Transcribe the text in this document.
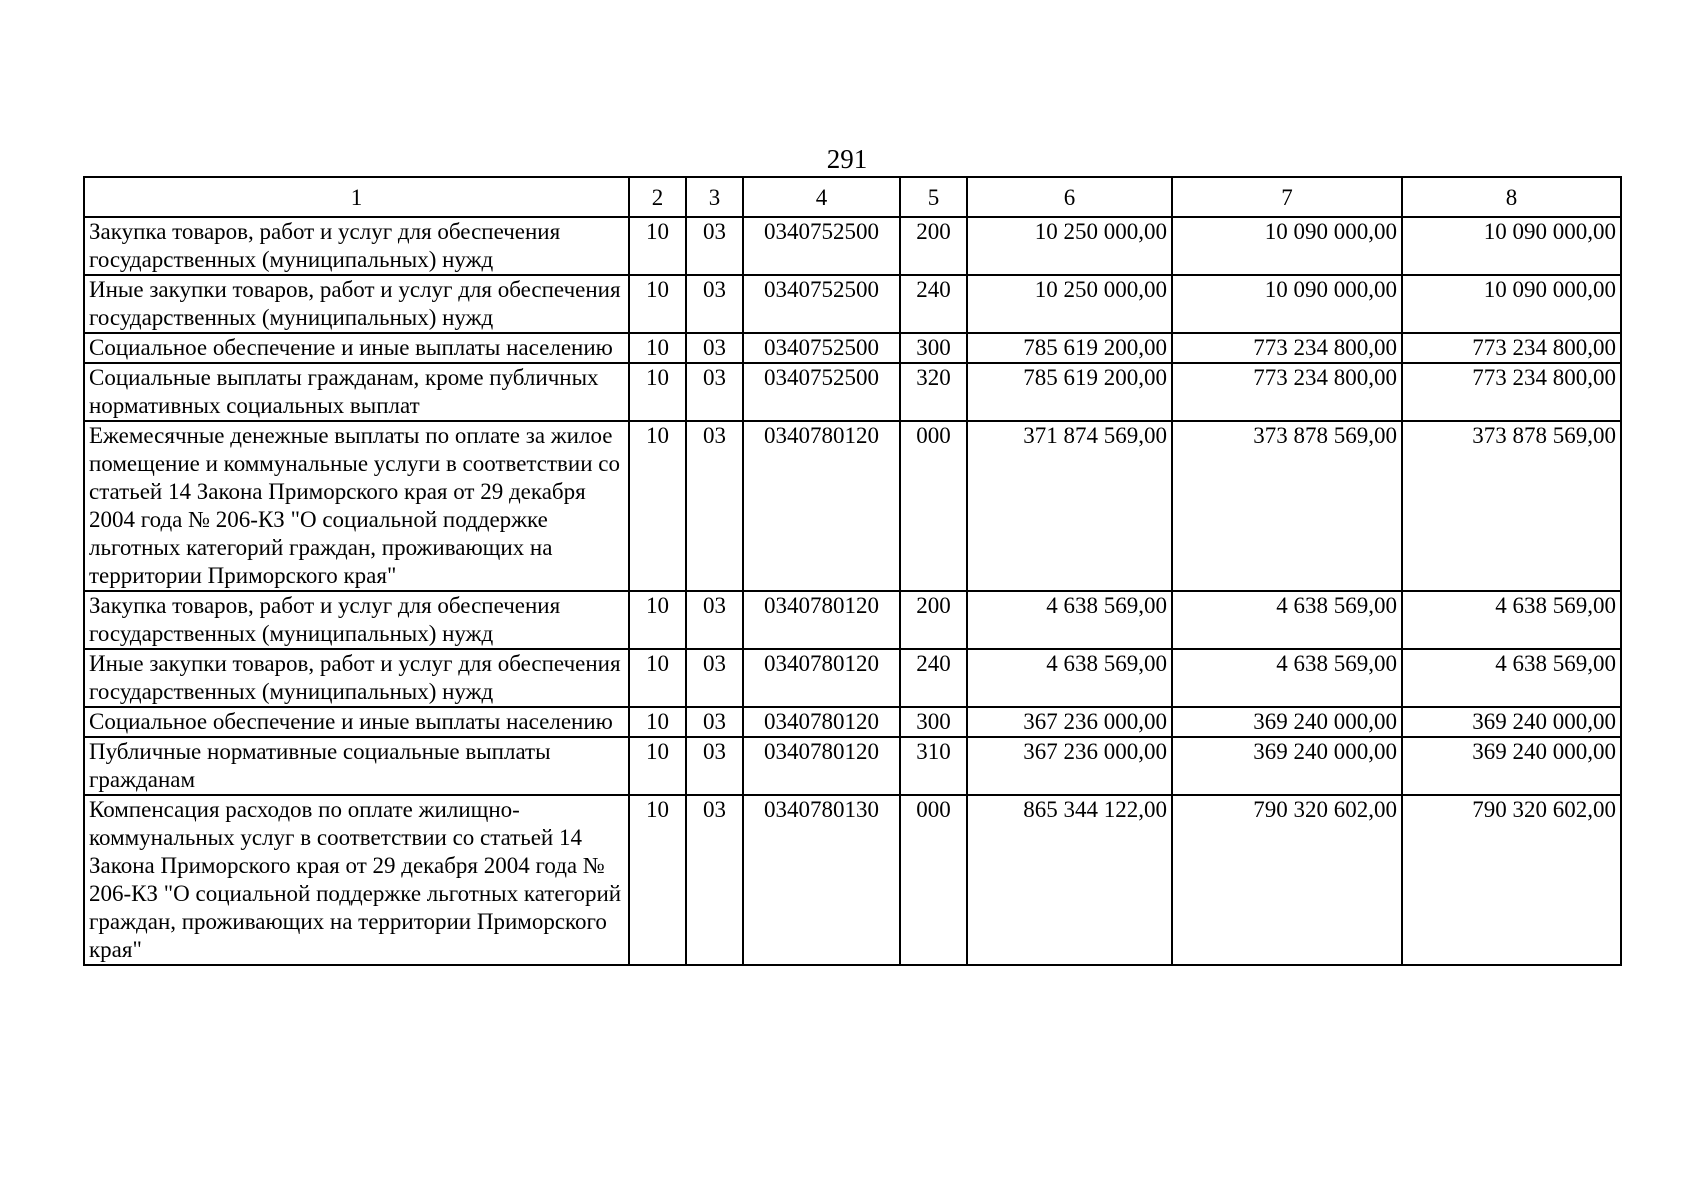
291
1	2	3	4	5	6	7	8
Закупка товаров, работ и услуг для обеспечения государственных (муниципальных) нужд	10	03	0340752500	200	10 250 000,00	10 090 000,00	10 090 000,00
Иные закупки товаров, работ и услуг для обеспечения государственных (муниципальных) нужд	10	03	0340752500	240	10 250 000,00	10 090 000,00	10 090 000,00
Социальное обеспечение и иные выплаты населению	10	03	0340752500	300	785 619 200,00	773 234 800,00	773 234 800,00
Социальные выплаты гражданам, кроме публичных нормативных социальных выплат	10	03	0340752500	320	785 619 200,00	773 234 800,00	773 234 800,00
Ежемесячные денежные выплаты по оплате за жилое помещение и коммунальные услуги в соответствии со статьей 14 Закона Приморского края от 29 декабря 2004 года № 206-КЗ "О социальной поддержке льготных категорий граждан, проживающих на территории Приморского края"	10	03	0340780120	000	371 874 569,00	373 878 569,00	373 878 569,00
Закупка товаров, работ и услуг для обеспечения государственных (муниципальных) нужд	10	03	0340780120	200	4 638 569,00	4 638 569,00	4 638 569,00
Иные закупки товаров, работ и услуг для обеспечения государственных (муниципальных) нужд	10	03	0340780120	240	4 638 569,00	4 638 569,00	4 638 569,00
Социальное обеспечение и иные выплаты населению	10	03	0340780120	300	367 236 000,00	369 240 000,00	369 240 000,00
Публичные нормативные социальные выплаты гражданам	10	03	0340780120	310	367 236 000,00	369 240 000,00	369 240 000,00
Компенсация расходов по оплате жилищно-коммунальных услуг в соответствии со статьей 14 Закона Приморского края от 29 декабря 2004 года № 206-КЗ "О социальной поддержке льготных категорий граждан, проживающих на территории Приморского края"	10	03	0340780130	000	865 344 122,00	790 320 602,00	790 320 602,00
